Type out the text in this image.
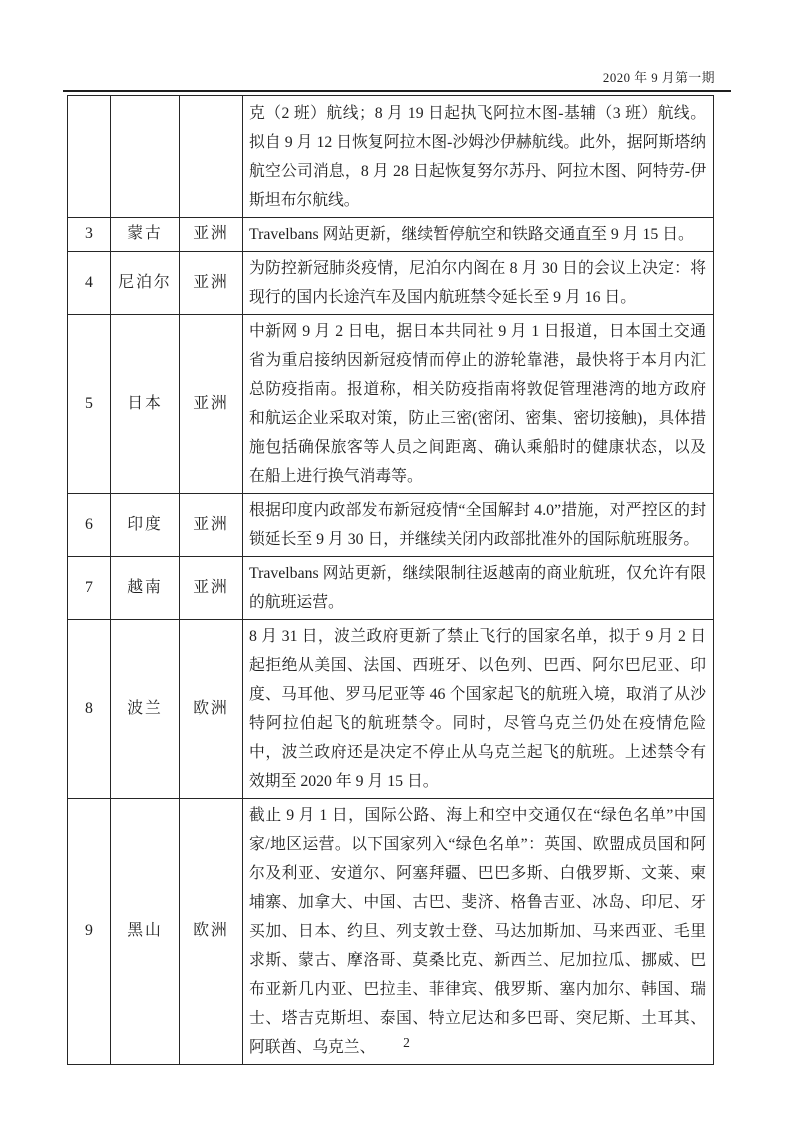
2020 年 9 月第一期
			克（2 班）航线；8 月 19 日起执飞阿拉木图-基辅（3 班）航线。拟自 9 月 12 日恢复阿拉木图-沙姆沙伊赫航线。此外，据阿斯塔纳航空公司消息，8 月 28 日起恢复努尔苏丹、阿拉木图、阿特劳-伊斯坦布尔航线。
3	蒙古	亚洲	Travelbans 网站更新，继续暂停航空和铁路交通直至 9 月 15 日。
4	尼泊尔	亚洲	为防控新冠肺炎疫情，尼泊尔内阁在 8 月 30 日的会议上决定：将现行的国内长途汽车及国内航班禁令延长至 9 月 16 日。
5	日本	亚洲	中新网 9 月 2 日电，据日本共同社 9 月 1 日报道，日本国土交通省为重启接纳因新冠疫情而停止的游轮靠港，最快将于本月内汇总防疫指南。报道称，相关防疫指南将敦促管理港湾的地方政府和航运企业采取对策，防止三密(密闭、密集、密切接触)，具体措施包括确保旅客等人员之间距离、确认乘船时的健康状态，以及在船上进行换气消毒等。
6	印度	亚洲	根据印度内政部发布新冠疫情“全国解封 4.0”措施，对严控区的封锁延长至 9 月 30 日，并继续关闭内政部批准外的国际航班服务。
7	越南	亚洲	Travelbans 网站更新，继续限制往返越南的商业航班，仅允许有限的航班运营。
8	波兰	欧洲	8 月 31 日，波兰政府更新了禁止飞行的国家名单，拟于 9 月 2 日起拒绝从美国、法国、西班牙、以色列、巴西、阿尔巴尼亚、印度、马耳他、罗马尼亚等 46 个国家起飞的航班入境，取消了从沙特阿拉伯起飞的航班禁令。同时，尽管乌克兰仍处在疫情危险中，波兰政府还是决定不停止从乌克兰起飞的航班。上述禁令有效期至 2020 年 9 月 15 日。
9	黑山	欧洲	截止 9 月 1 日，国际公路、海上和空中交通仅在“绿色名单”中国家/地区运营。以下国家列入“绿色名单”：英国、欧盟成员国和阿尔及利亚、安道尔、阿塞拜疆、巴巴多斯、白俄罗斯、文莱、柬埔寨、加拿大、中国、古巴、斐济、格鲁吉亚、冰岛、印尼、牙买加、日本、约旦、列支敦士登、马达加斯加、马来西亚、毛里求斯、蒙古、摩洛哥、莫桑比克、新西兰、尼加拉瓜、挪威、巴布亚新几内亚、巴拉圭、菲律宾、俄罗斯、塞内加尔、韩国、瑞士、塔吉克斯坦、泰国、特立尼达和多巴哥、突尼斯、土耳其、阿联酋、乌克兰、	2
